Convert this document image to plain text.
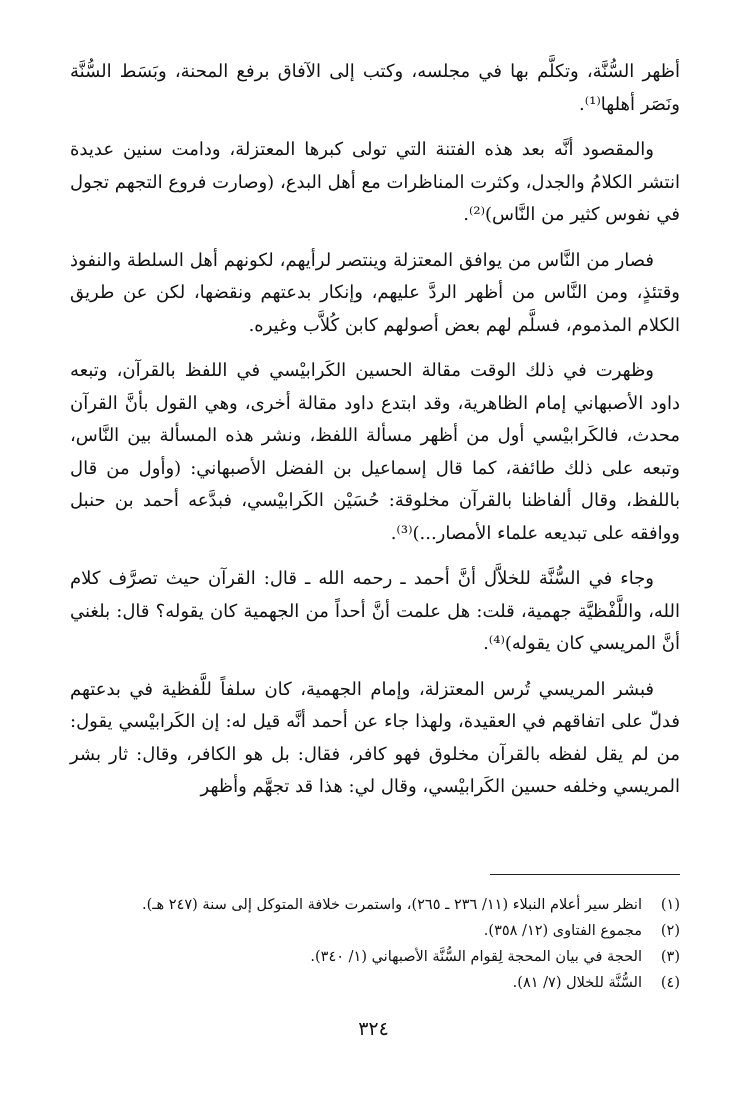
أظهر السُّنَّة، وتكلَّم بها في مجلسه، وكتب إلى الآفاق برفع المحنة، وبَسَط السُّنَّة ونَصَر أهلها⁽¹⁾.

والمقصود أنَّه بعد هذه الفتنة التي تولى كبرها المعتزلة، ودامت سنين عديدة انتشر الكلامُ والجدل، وكثرت المناظرات مع أهل البدع، (وصارت فروع التجهم تجول في نفوس كثير من النَّاس)⁽²⁾.

فصار من النَّاس من يوافق المعتزلة وينتصر لرأيهم، لكونهم أهل السلطة والنفوذ وقتئذٍ، ومن النَّاس من أظهر الردَّ عليهم، وإنكار بدعتهم ونقضها، لكن عن طريق الكلام المذموم، فسلَّم لهم بعض أصولهم كابن كُلاَّب وغيره.

وظهرت في ذلك الوقت مقالة الحسين الكَرابيْسي في اللفظ بالقرآن، وتبعه داود الأصبهاني إمام الظاهرية، وقد ابتدع داود مقالة أخرى، وهي القول بأنَّ القرآن محدث، فالكَرابيْسي أول من أظهر مسألة اللفظ، ونشر هذه المسألة بين النَّاس، وتبعه على ذلك طائفة، كما قال إسماعيل بن الفضل الأصبهاني: (وأول من قال باللفظ، وقال ألفاظنا بالقرآن مخلوقة: حُسَيْن الكَرابيْسي، فبدَّعه أحمد بن حنبل ووافقه على تبديعه علماء الأمصار...)⁽³⁾.

وجاء في السُّنَّة للخلاَّل أنَّ أحمد ـ رحمه الله ـ قال: القرآن حيث تصرَّف كلام الله، واللَّفْظيَّة جهمية، قلت: هل علمت أنَّ أحداً من الجهمية كان يقوله؟ قال: بلغني أنَّ المريسي كان يقوله)⁽⁴⁾.

فبشر المريسي تُرس المعتزلة، وإمام الجهمية، كان سلفاً للَّفظية في بدعتهم فدلّ على اتفاقهم في العقيدة، ولهذا جاء عن أحمد أنَّه قيل له: إن الكَرابيْسي يقول: من لم يقل لفظه بالقرآن مخلوق فهو كافر، فقال: بل هو الكافر، وقال: ثار بشر المريسي وخلفه حسين الكَرابيْسي، وقال لي: هذا قد تجهَّم وأظهر

(١)
انظر سير أعلام النبلاء (١١/ ٢٣٦ ـ ٢٦٥)، واستمرت خلافة المتوكل إلى سنة (٢٤٧ هـ).
(٢)
مجموع الفتاوى (١٢/ ٣٥٨).
(٣)
الحجة في بيان المحجة لِقوام السُّنَّة الأصبهاني (١/ ٣٤٠).
(٤)
السُّنَّة للخلال (٧/ ٨١).
٣٢٤
